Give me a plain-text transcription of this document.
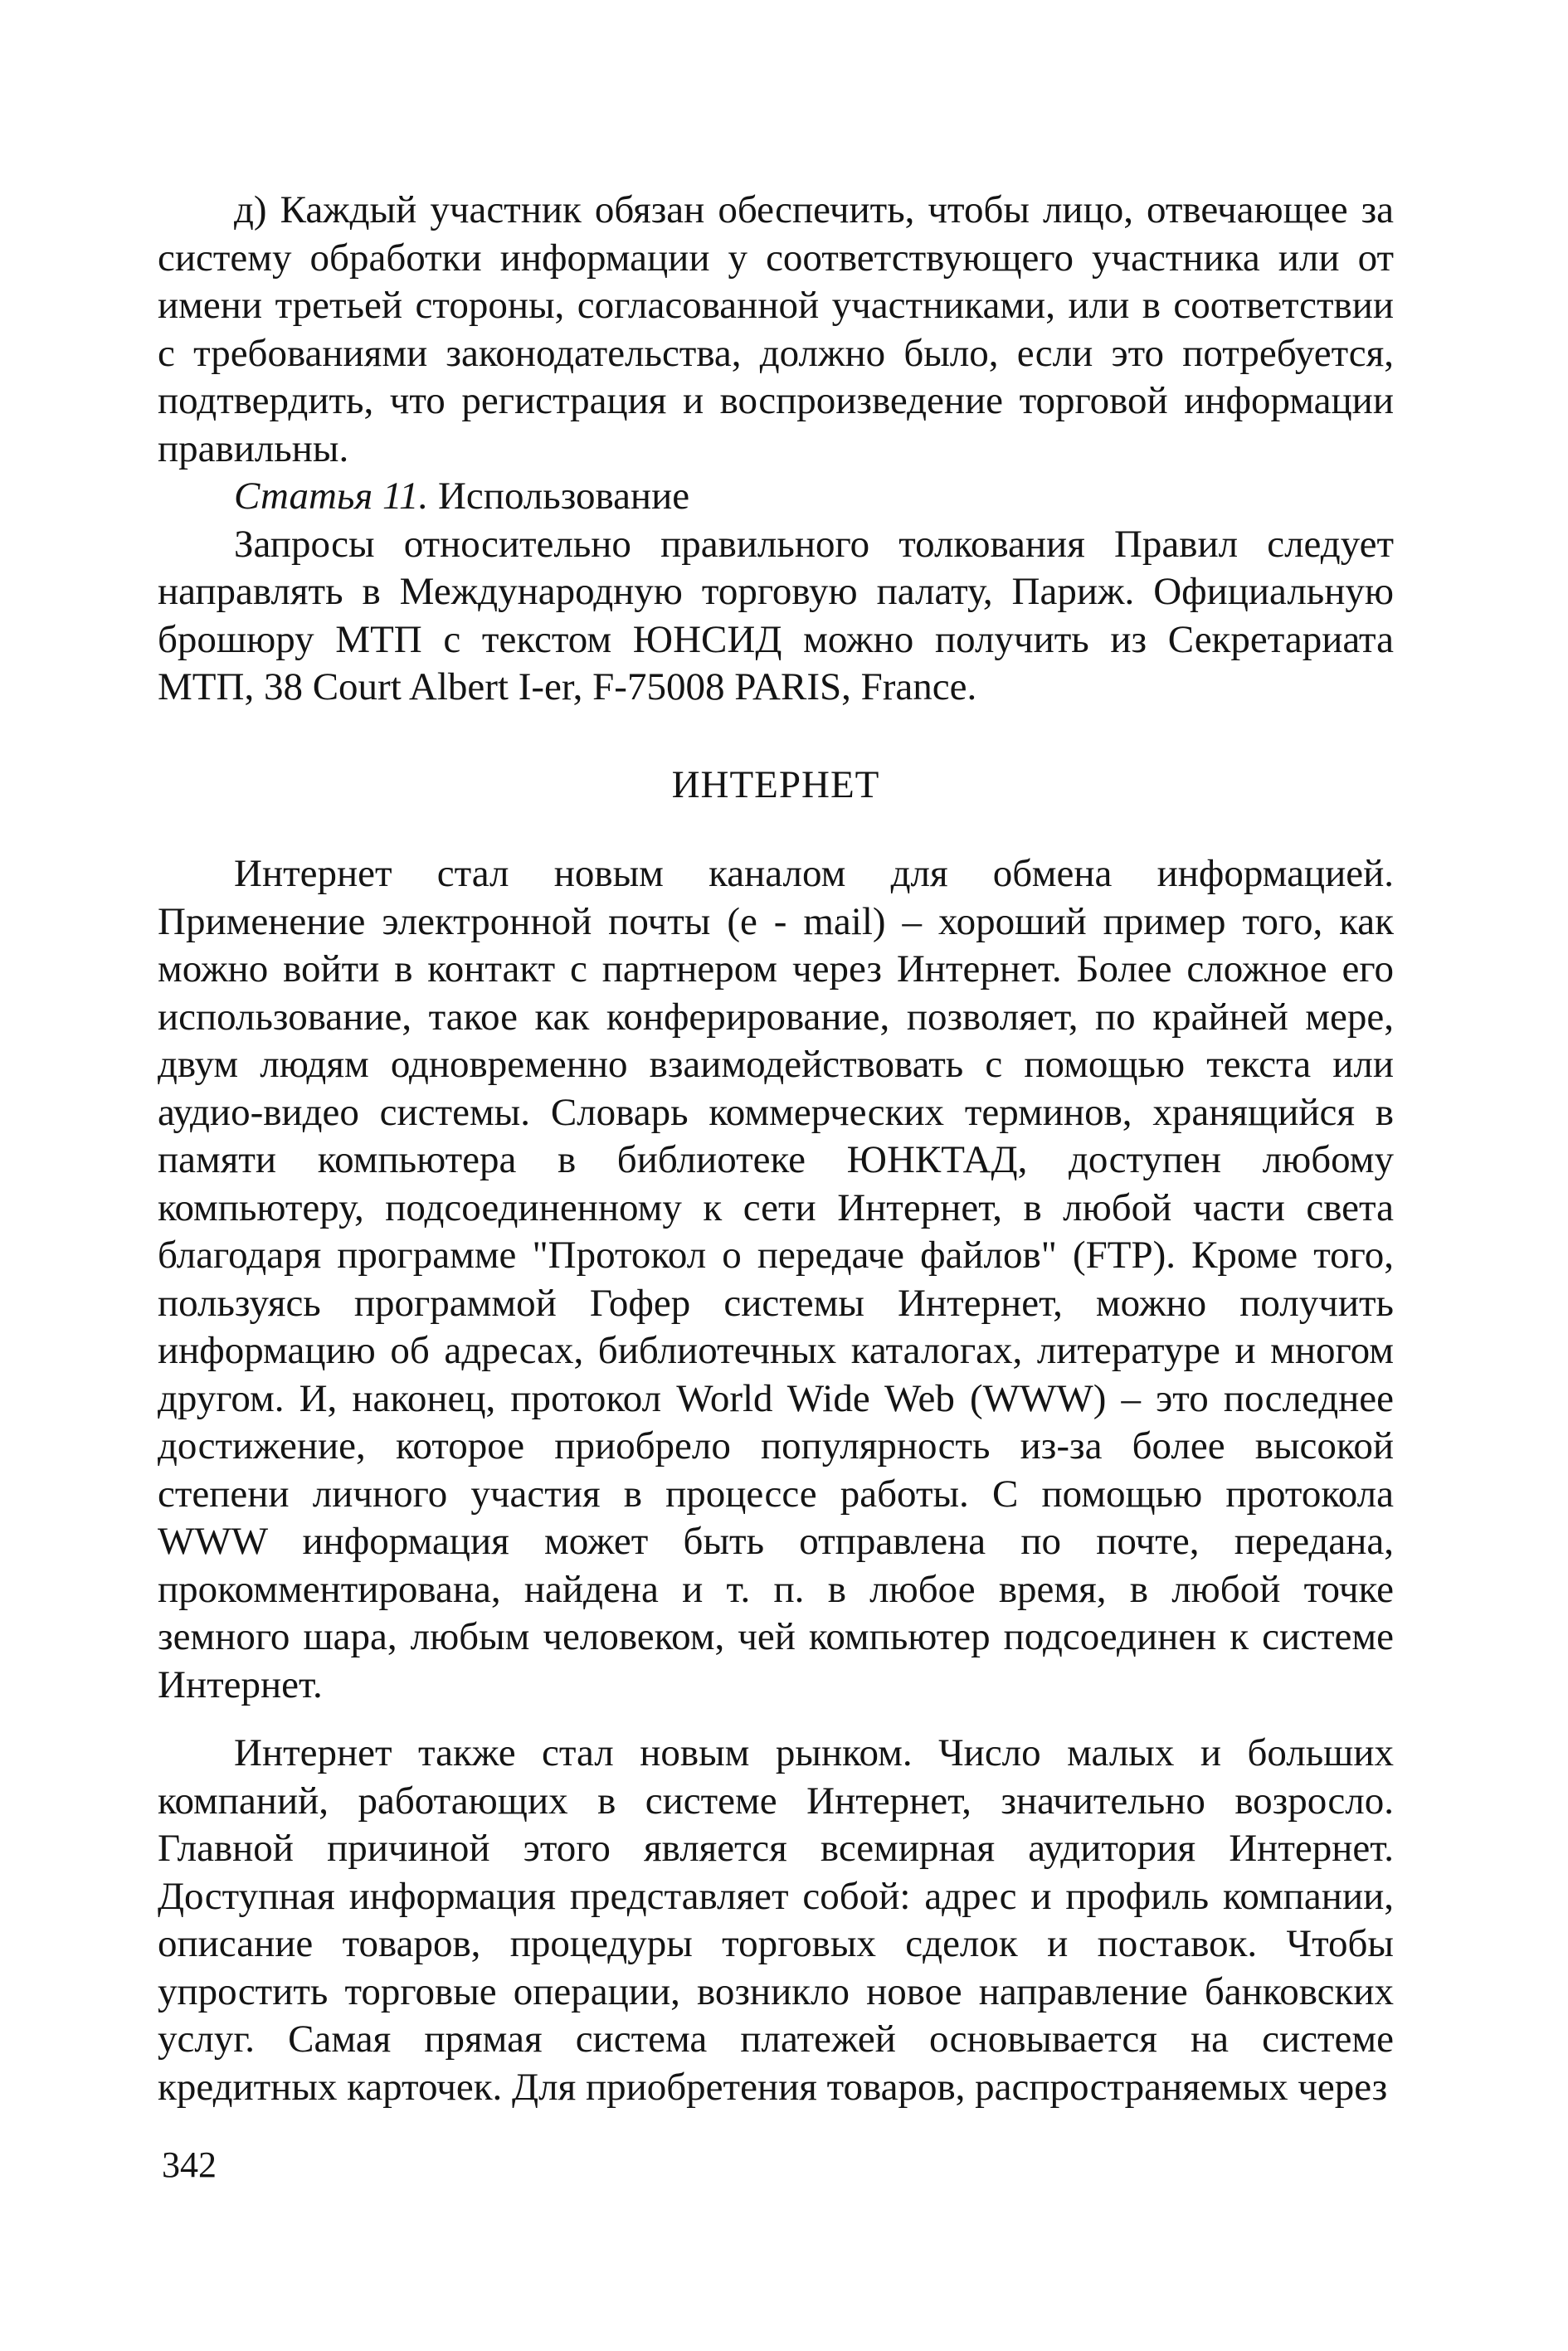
д) Каждый участник обязан обеспечить, чтобы лицо, отвечающее за систему обработки информации у соответствующего участника или от имени третьей стороны, согласованной участниками, или в соответствии с требованиями законодательства, должно было, если это потребуется, подтвердить, что регистрация и воспроизведение торговой информации правильны.

Статья 11. Использование

Запросы относительно правильного толкования Правил следует направлять в Международную торговую палату, Париж. Официальную брошюру МТП с текстом ЮНСИД можно получить из Секретариата МТП, 38 Court Albert I-er, F-75008 PARIS, France.

ИНТЕРНЕТ

Интернет стал новым каналом для обмена информацией. Применение электронной почты (e - mail) – хороший пример того, как можно войти в контакт с партнером через Интернет. Более сложное его использование, такое как конферирование, позволяет, по крайней мере, двум людям одновременно взаимодействовать с помощью текста или аудио-видео системы. Словарь коммерческих терминов, хранящийся в памяти компьютера в библиотеке ЮНКТАД, доступен любому компьютеру, подсоединенному к сети Интернет, в любой части света благодаря программе "Протокол о передаче файлов" (FTP). Кроме того, пользуясь программой Гофер системы Интернет, можно получить информацию об адресах, библиотечных каталогах, литературе и многом другом. И, наконец, протокол World Wide Web (WWW) – это последнее достижение, которое приобрело популярность из-за более высокой степени личного участия в процессе работы. С помощью протокола WWW информация может быть отправлена по почте, передана, прокомментирована, найдена и т. п. в любое время, в любой точке земного шара, любым человеком, чей компьютер подсоединен к системе Интернет.

Интернет также стал новым рынком. Число малых и больших компаний, работающих в системе Интернет, значительно возросло. Главной причиной этого является всемирная аудитория Интернет. Доступная информация представляет собой: адрес и профиль компании, описание товаров, процедуры торговых сделок и поставок. Чтобы упростить торговые операции, возникло новое направление банковских услуг. Самая прямая система платежей основывается на системе кредитных карточек. Для приобретения товаров, распространяемых через

342
